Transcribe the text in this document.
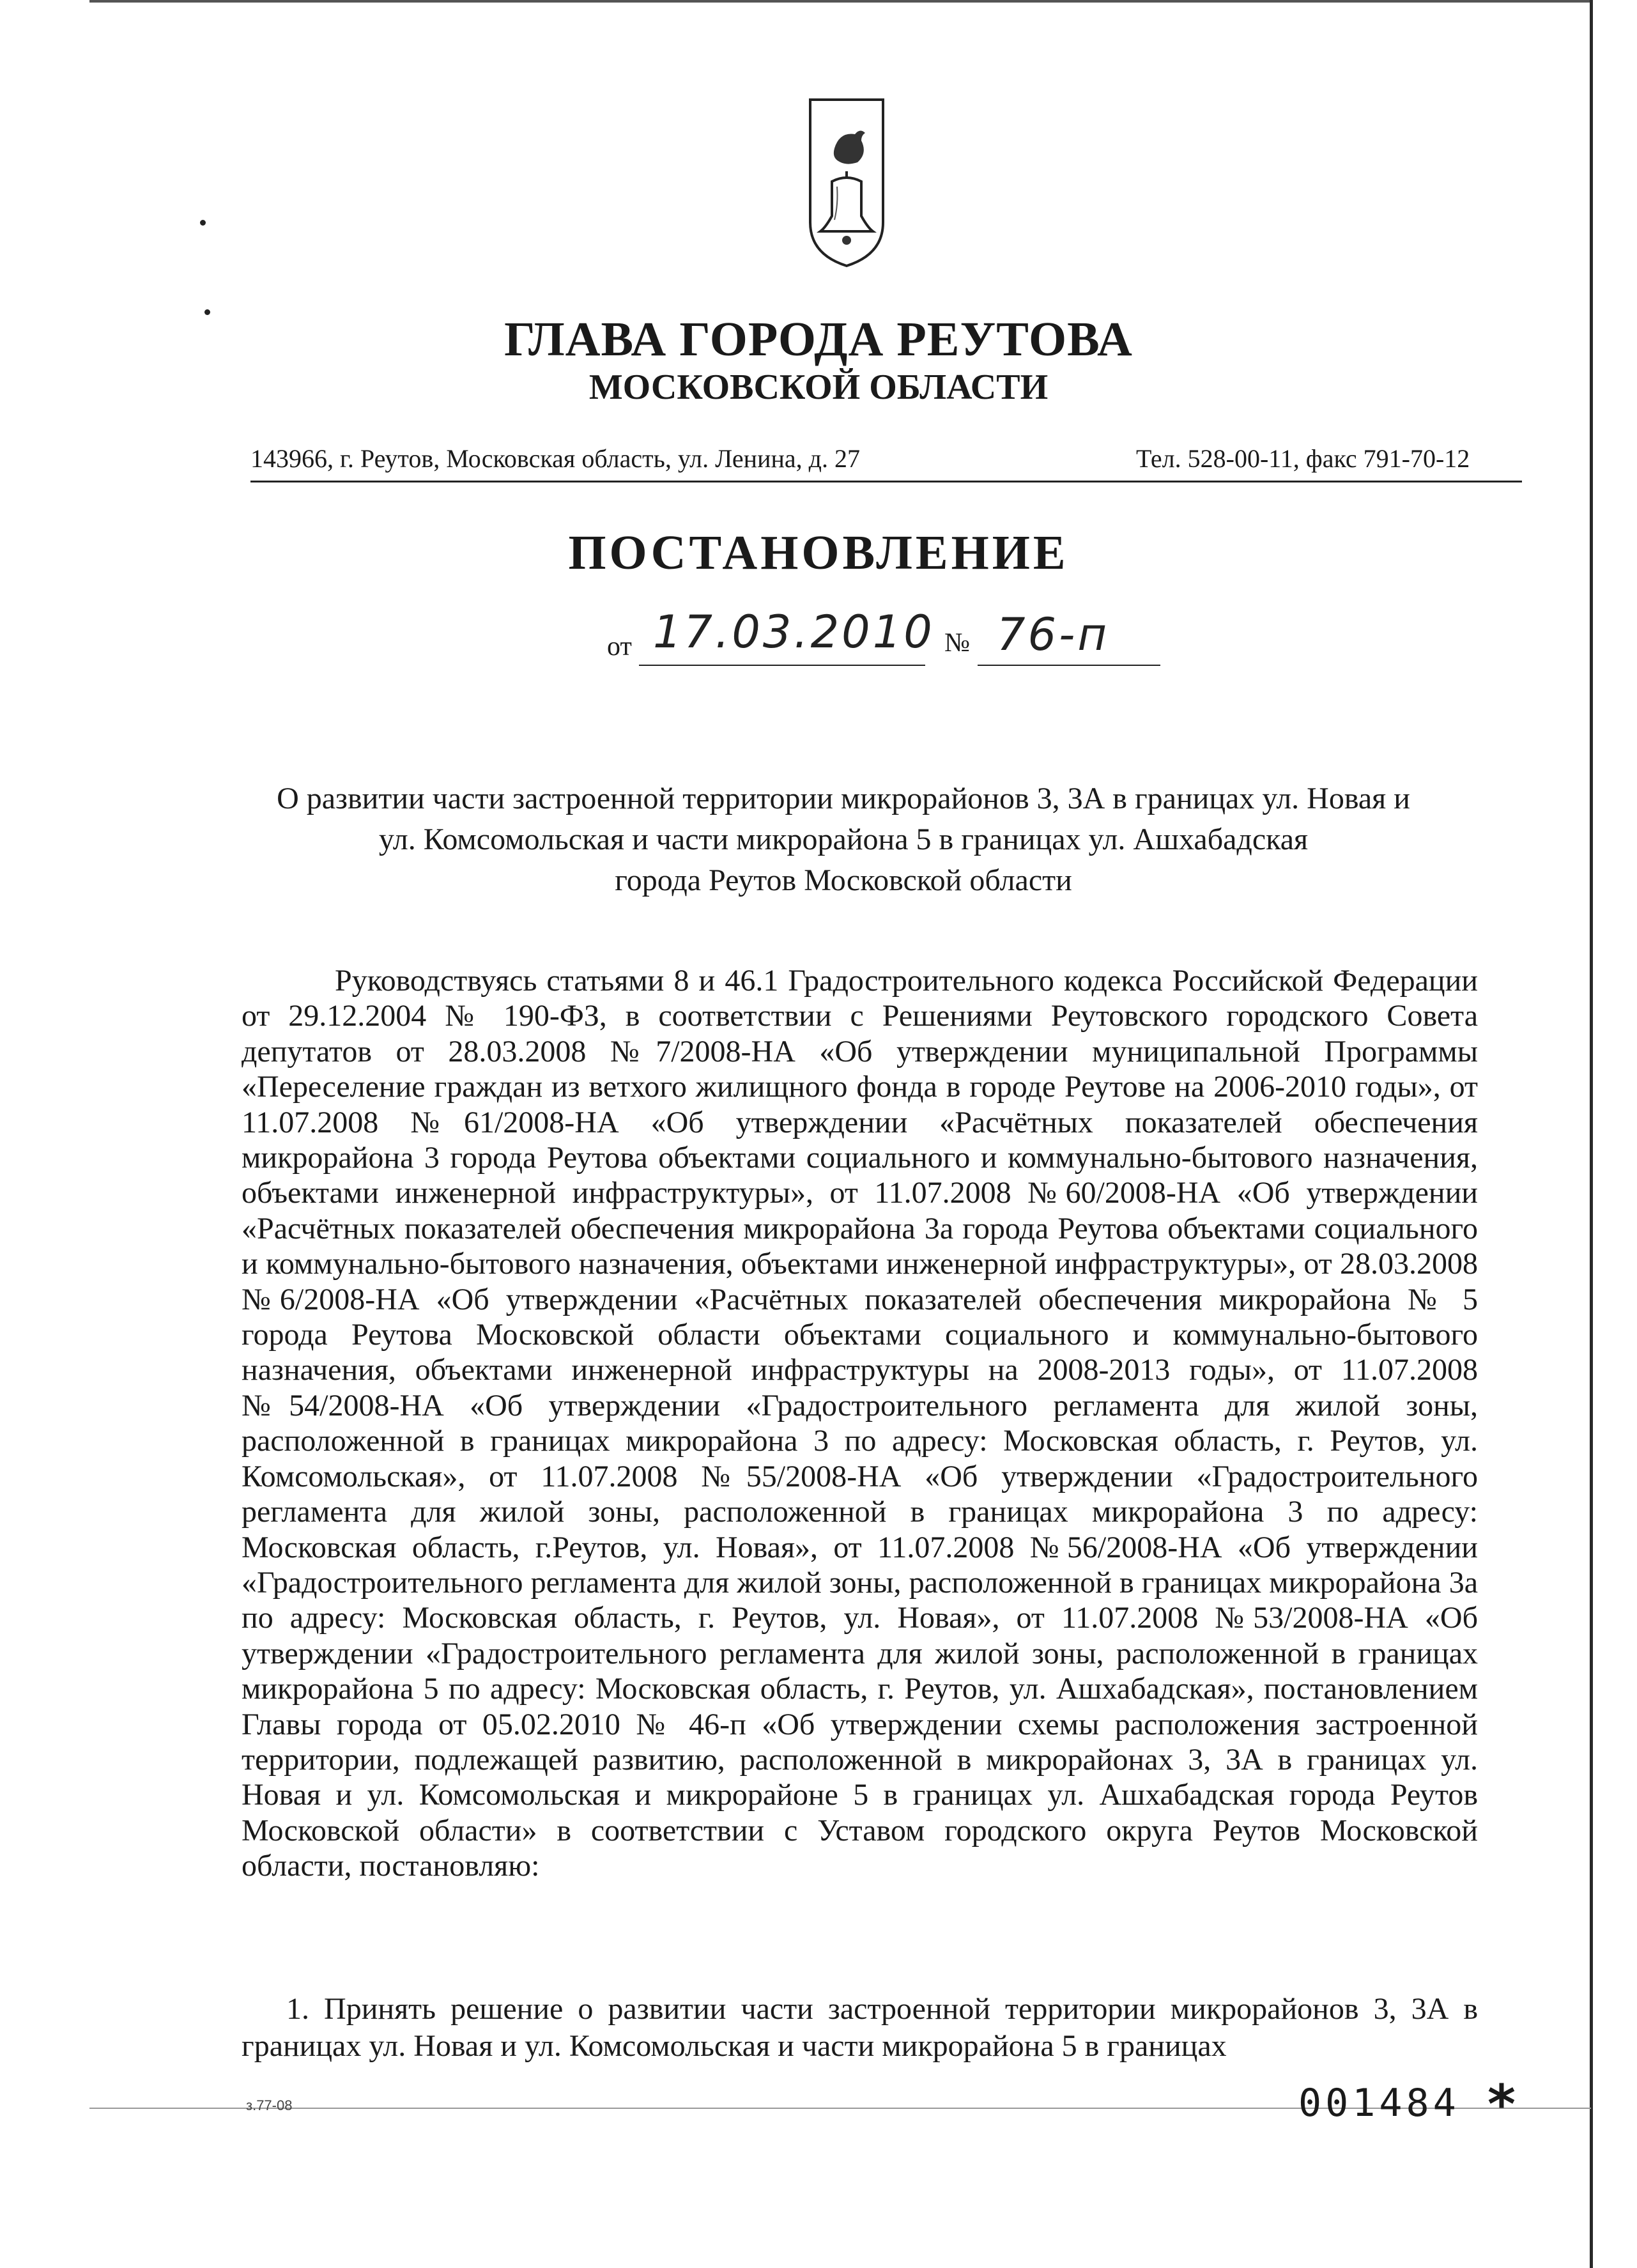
ГЛАВА ГОРОДА РЕУТОВА
МОСКОВСКОЙ ОБЛАСТИ
143966, г. Реутов, Московская область, ул. Ленина, д. 27	Тел. 528-00-11, факс 791-70-12
ПОСТАНОВЛЕНИЕ
от 17.03.2010 № 76-п
О развитии части застроенной территории микрорайонов 3, 3А в границах ул. Новая и
ул. Комсомольская и части микрорайона 5 в границах ул. Ашхабадская
города Реутов Московской области
Руководствуясь статьями 8 и 46.1 Градостроительного кодекса Российской Федерации от 29.12.2004 № 190-ФЗ, в соответствии с Решениями Реутовского городского Совета депутатов от 28.03.2008 №7/2008-НА «Об утверждении муниципальной Программы «Переселение граждан из ветхого жилищного фонда в городе Реутове на 2006-2010 годы», от 11.07.2008 №61/2008-НА «Об утверждении «Расчётных показателей обеспечения микрорайона 3 города Реутова объектами социального и коммунально-бытового назначения, объектами инженерной инфраструктуры», от 11.07.2008 №60/2008-НА «Об утверждении «Расчётных показателей обеспечения микрорайона 3а города Реутова объектами социального и коммунально-бытового назначения, объектами инженерной инфраструктуры», от 28.03.2008 №6/2008-НА «Об утверждении «Расчётных показателей обеспечения микрорайона № 5 города Реутова Московской области объектами социального и коммунально-бытового назначения, объектами инженерной инфраструктуры на 2008-2013 годы», от 11.07.2008 №54/2008-НА «Об утверждении «Градостроительного регламента для жилой зоны, расположенной в границах микрорайона 3 по адресу: Московская область, г. Реутов, ул. Комсомольская», от 11.07.2008 №55/2008-НА «Об утверждении «Градостроительного регламента для жилой зоны, расположенной в границах микрорайона 3 по адресу: Московская область, г.Реутов, ул. Новая», от 11.07.2008 №56/2008-НА «Об утверждении «Градостроительного регламента для жилой зоны, расположенной в границах микрорайона 3а по адресу: Московская область, г. Реутов, ул. Новая», от 11.07.2008 №53/2008-НА «Об утверждении «Градостроительного регламента для жилой зоны, расположенной в границах микрорайона 5 по адресу: Московская область, г. Реутов, ул. Ашхабадская», постановлением Главы города от 05.02.2010 № 46-п «Об утверждении схемы расположения застроенной территории, подлежащей развитию, расположенной в микрорайонах 3, 3А в границах ул. Новая и ул. Комсомольская и микрорайоне 5 в границах ул. Ашхабадская города Реутов Московской области» в соответствии с Уставом городского округа Реутов Московской области, постановляю:
1. Принять решение о развитии части застроенной территории микрорайонов 3, 3А в границах ул. Новая и ул. Комсомольская и части микрорайона 5 в границах
з.77-08	001484 *
